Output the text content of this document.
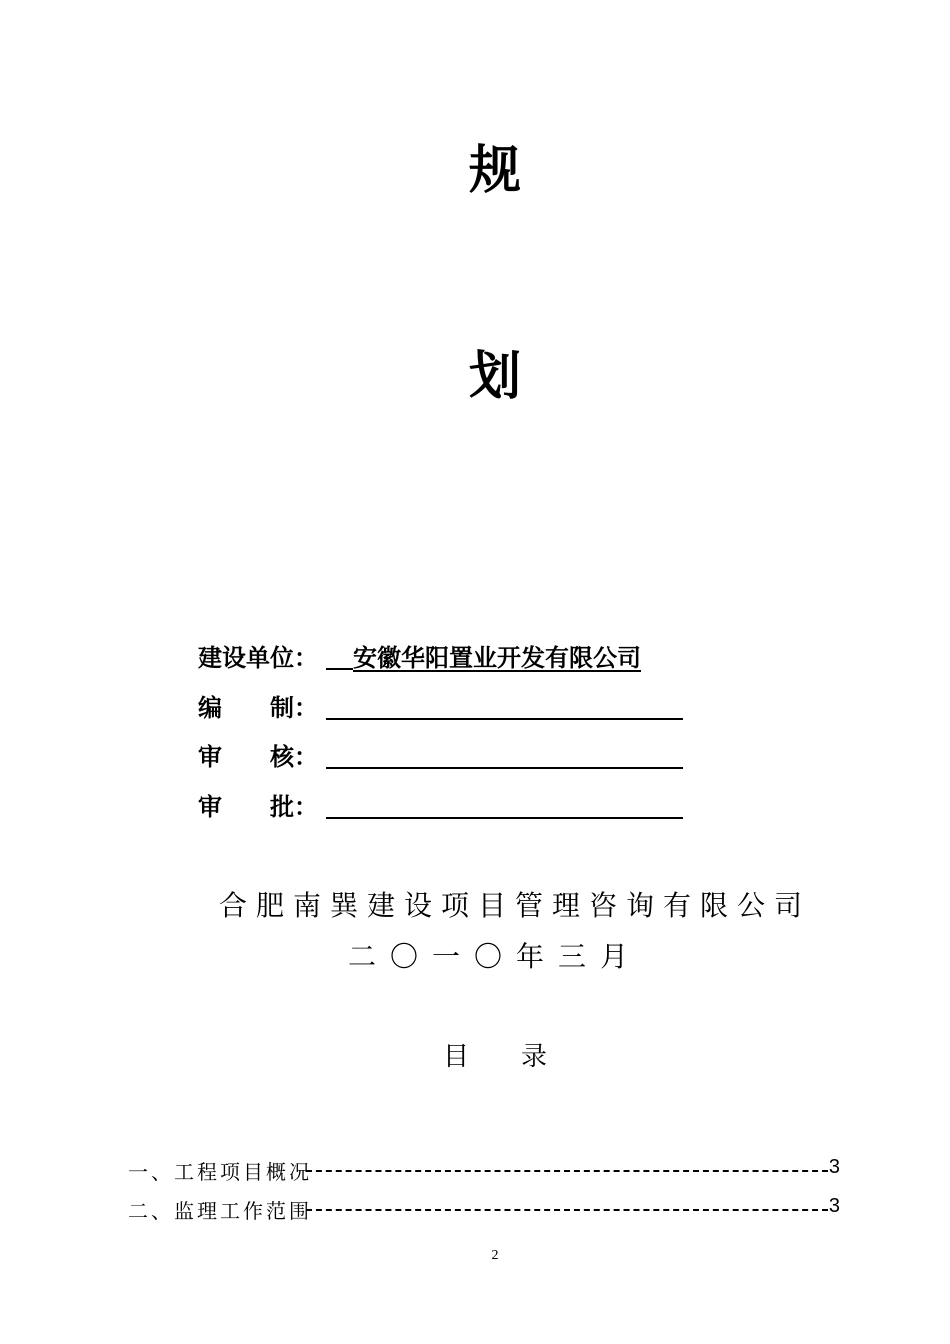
规
划
建设单位： 安徽华阳置业开发有限公司
编　　制：
审　　核：
审　　批：
合肥南巽建设项目管理咨询有限公司
二〇一〇年三月
目　　录
一、工程项目概况	3
二、监理工作范围	3
2
